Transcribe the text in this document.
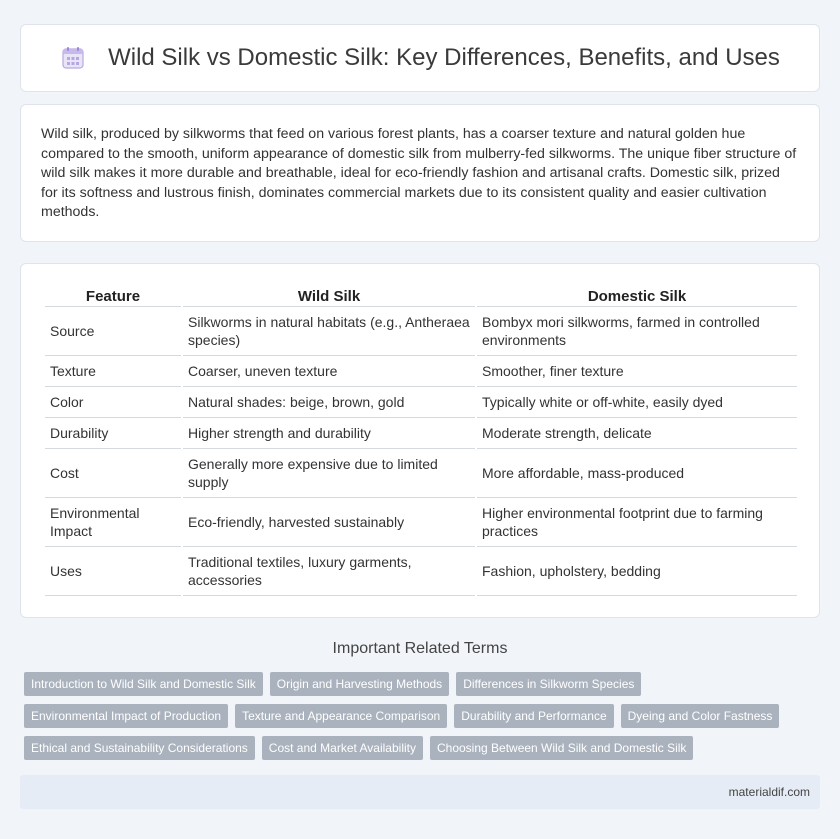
Wild Silk vs Domestic Silk: Key Differences, Benefits, and Uses

Wild silk, produced by silkworms that feed on various forest plants, has a coarser texture and natural golden hue compared to the smooth, uniform appearance of domestic silk from mulberry-fed silkworms. The unique fiber structure of wild silk makes it more durable and breathable, ideal for eco-friendly fashion and artisanal crafts. Domestic silk, prized for its softness and lustrous finish, dominates commercial markets due to its consistent quality and easier cultivation methods.

Feature	Wild Silk	Domestic Silk
Source	Silkworms in natural habitats (e.g., Antheraea species)	Bombyx mori silkworms, farmed in controlled environments
Texture	Coarser, uneven texture	Smoother, finer texture
Color	Natural shades: beige, brown, gold	Typically white or off-white, easily dyed
Durability	Higher strength and durability	Moderate strength, delicate
Cost	Generally more expensive due to limited supply	More affordable, mass-produced
Environmental Impact	Eco-friendly, harvested sustainably	Higher environmental footprint due to farming practices
Uses	Traditional textiles, luxury garments, accessories	Fashion, upholstery, bedding
Important Related Terms
Introduction to Wild Silk and Domestic Silk	Origin and Harvesting Methods	Differences in Silkworm Species
Environmental Impact of Production	Texture and Appearance Comparison	Durability and Performance	Dyeing and Color Fastness
Ethical and Sustainability Considerations	Cost and Market Availability	Choosing Between Wild Silk and Domestic Silk
materialdif.com
